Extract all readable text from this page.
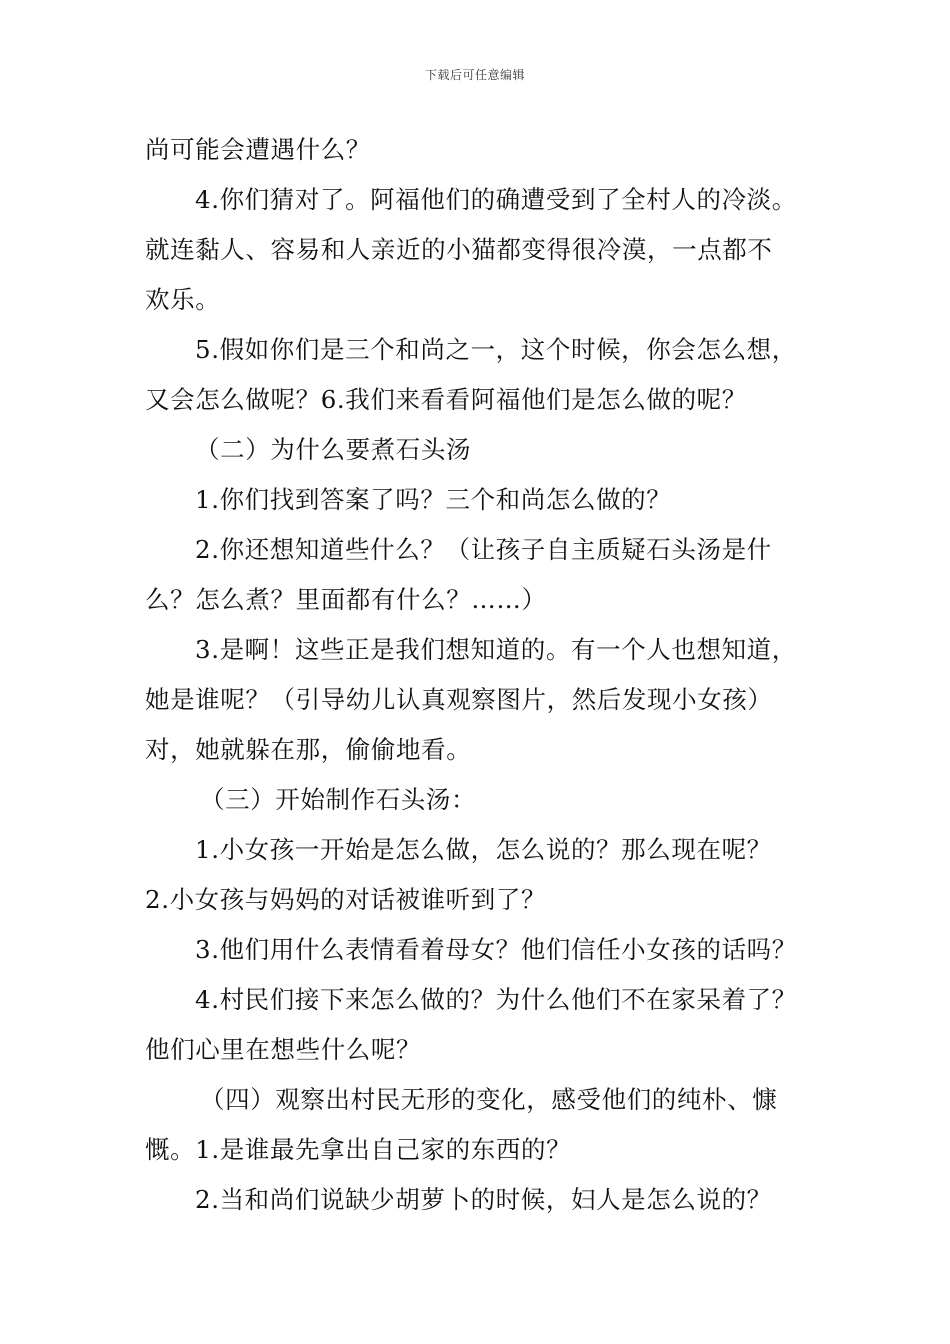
下载后可任意编辑
尚可能会遭遇什么？
4.你们猜对了。阿福他们的确遭受到了全村人的冷淡。
就连黏人、容易和人亲近的小猫都变得很冷漠，一点都不
欢乐。
5.假如你们是三个和尚之一，这个时候，你会怎么想，
又会怎么做呢？6.我们来看看阿福他们是怎么做的呢？
（二）为什么要煮石头汤
1.你们找到答案了吗？三个和尚怎么做的？
2.你还想知道些什么？（让孩子自主质疑石头汤是什
么？怎么煮？里面都有什么？……）
3.是啊！这些正是我们想知道的。有一个人也想知道，
她是谁呢？（引导幼儿认真观察图片，然后发现小女孩）
对，她就躲在那，偷偷地看。
（三）开始制作石头汤：
1.小女孩一开始是怎么做，怎么说的？那么现在呢？
2.小女孩与妈妈的对话被谁听到了？
3.他们用什么表情看着母女？他们信任小女孩的话吗？
4.村民们接下来怎么做的？为什么他们不在家呆着了？
他们心里在想些什么呢？
（四）观察出村民无形的变化，感受他们的纯朴、慷
慨。1.是谁最先拿出自己家的东西的？
2.当和尚们说缺少胡萝卜的时候，妇人是怎么说的？
